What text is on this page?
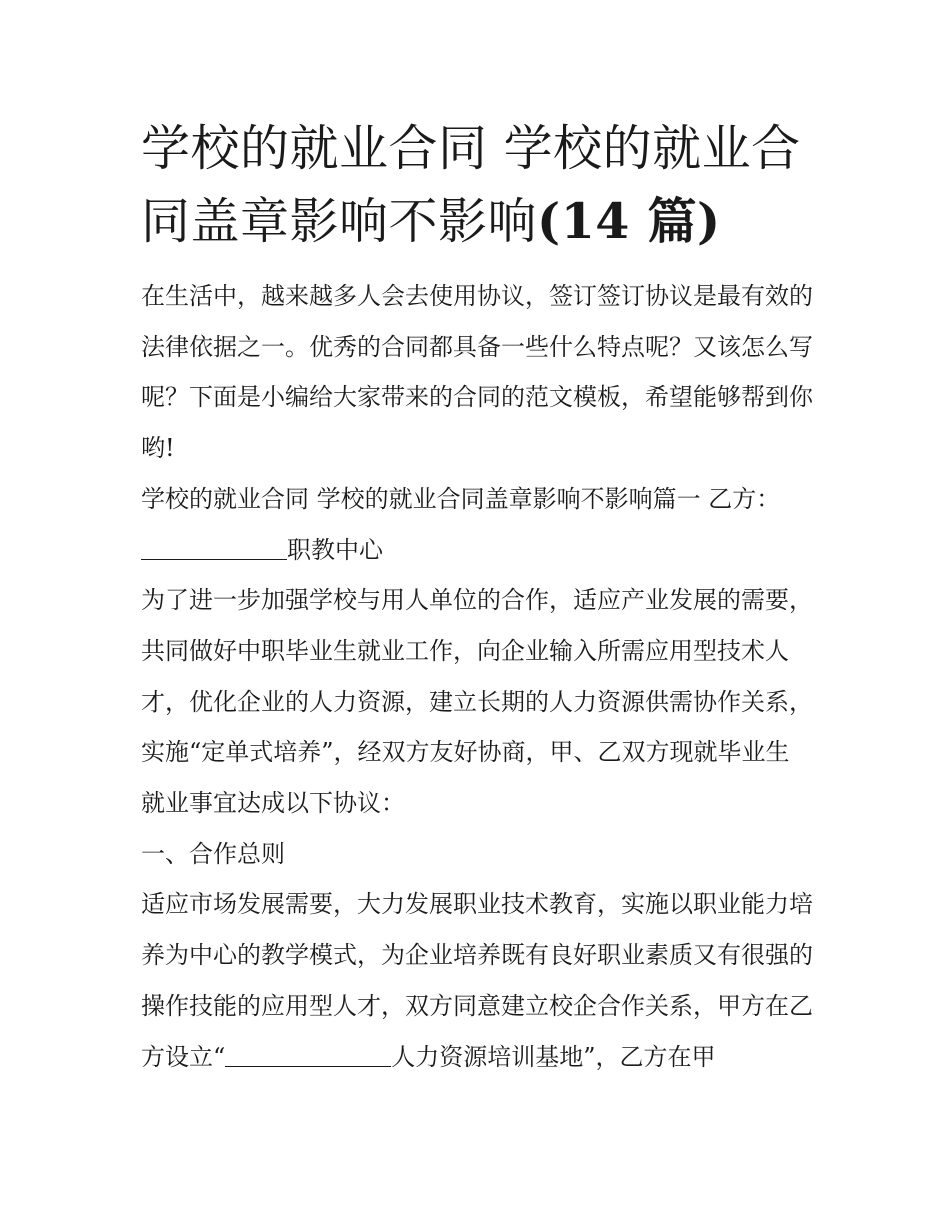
学校的就业合同 学校的就业合同盖章影响不影响(14 篇)

在生活中，越来越多人会去使用协议，签订签订协议是最有效的法律依据之一。优秀的合同都具备一些什么特点呢？又该怎么写呢？下面是小编给大家带来的合同的范文模板，希望能够帮到你哟!

学校的就业合同 学校的就业合同盖章影响不影响篇一 乙方：

职教中心

为了进一步加强学校与用人单位的合作，适应产业发展的需要，共同做好中职毕业生就业工作，向企业输入所需应用型技术人才，优化企业的人力资源，建立长期的人力资源供需协作关系，实施“定单式培养”，经双方友好协商，甲、乙双方现就毕业生就业事宜达成以下协议：

一、合作总则

适应市场发展需要，大力发展职业技术教育，实施以职业能力培养为中心的教学模式，为企业培养既有良好职业素质又有很强的操作技能的应用型人才，双方同意建立校企合作关系，甲方在乙方设立“	人力资源培训基地”，乙方在甲
